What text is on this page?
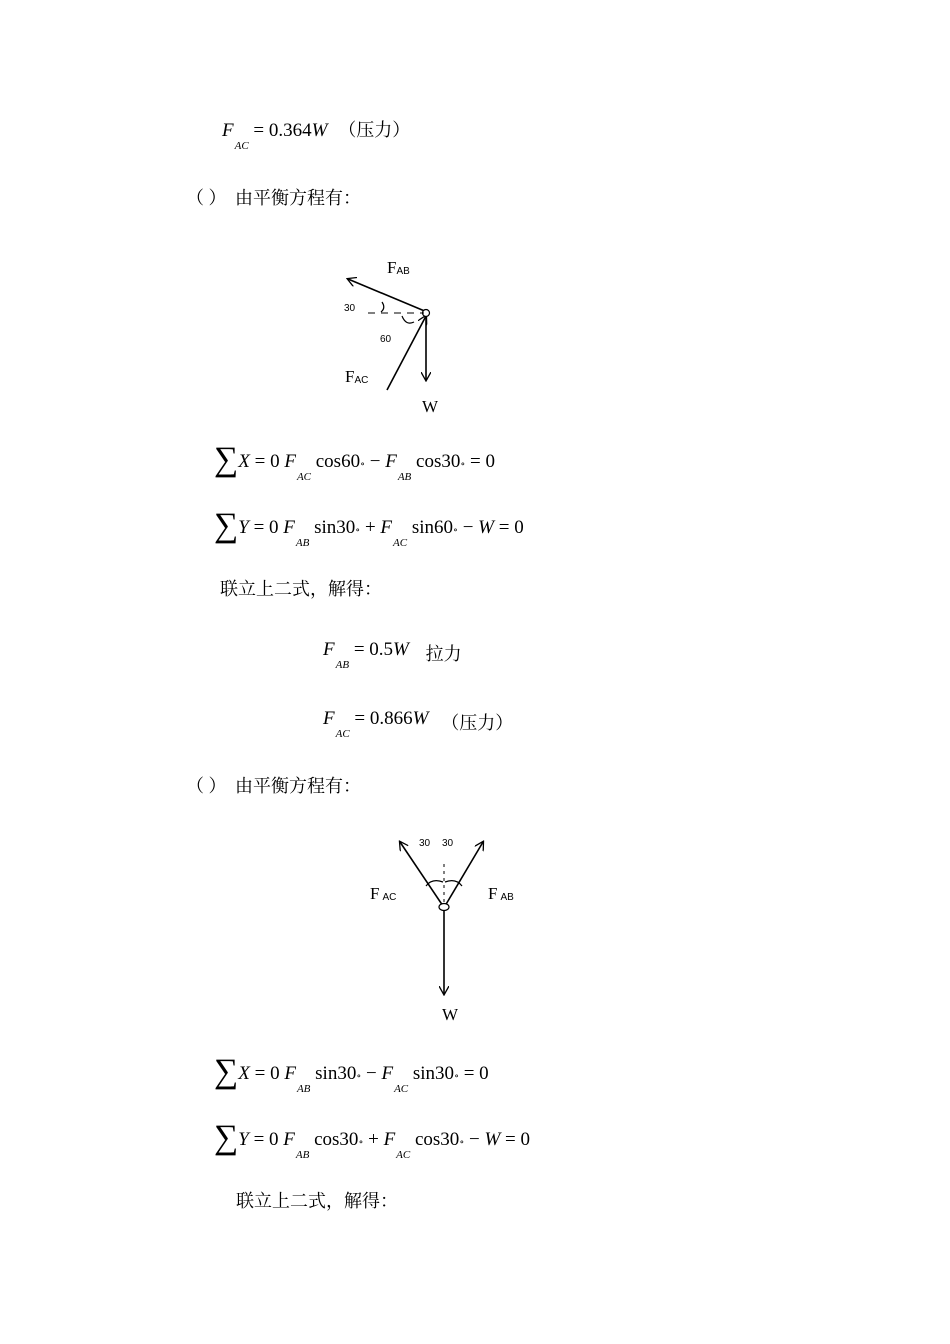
$F_{AC} = 0.364W$ （压力）
（ ） 由平衡方程有：
FAB
30
60
FAC
W
∑X = 0 $F_{AC}$ cos60∘ − $F_{AB}$ cos30∘ = 0
∑Y = 0 $F_{AB}$ sin30∘ + $F_{AC}$ sin60∘ − W = 0
联立上二式，解得：
$F_{AB} = 0.5W$ 拉力
$F_{AC} = 0.866W$ （压力）
（ ） 由平衡方程有：
30 30
FAC	FAB
W
∑X = 0 $F_{AB}$ sin30∘ − $F_{AC}$ sin30∘ = 0
∑Y = 0 $F_{AB}$ cos30∘ + $F_{AC}$ cos30∘ − W = 0
联立上二式，解得：
